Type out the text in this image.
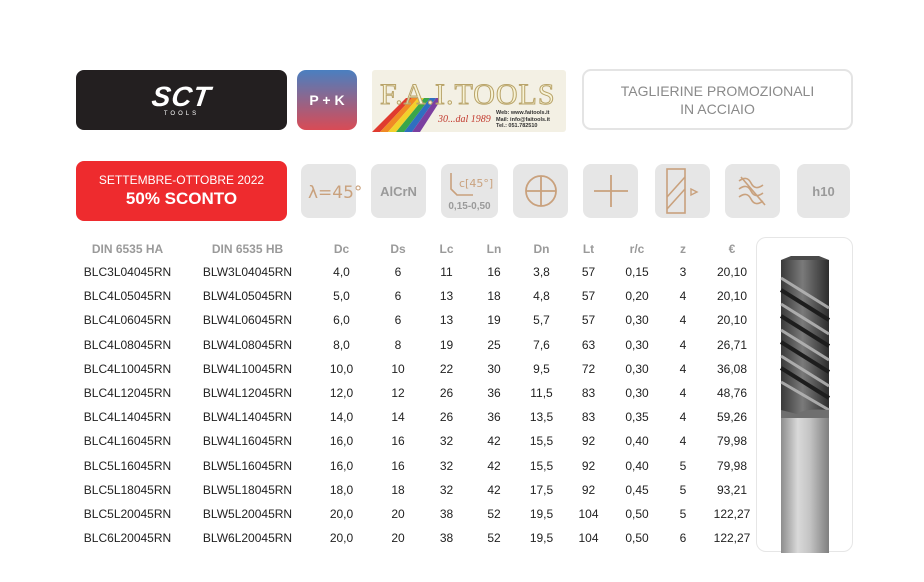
SCT
TOOLS
P + K	F.A.I.TOOLS
30...dal 1989
Web: www.faitools.it
Mail: info@faitools.it
Tel.: 051.782510
TAGLIERINE PROMOZIONALI
IN ACCIAIO
SETTEMBRE-OTTOBRE 2022
50% SCONTO	λ=45° AlCrN
c[45°]
0,15-0,50
h10
DIN 6535 HA	DIN 6535 HB	Dc	Ds	Lc	Ln	Dn	Lt	r/c	z	€
BLC3L04045RN	BLW3L04045RN	4,0	6	11	16	3,8	57	0,15	3	20,10
BLC4L05045RN	BLW4L05045RN	5,0	6	13	18	4,8	57	0,20	4	20,10
BLC4L06045RN	BLW4L06045RN	6,0	6	13	19	5,7	57	0,30	4	20,10
BLC4L08045RN	BLW4L08045RN	8,0	8	19	25	7,6	63	0,30	4	26,71
BLC4L10045RN	BLW4L10045RN	10,0	10	22	30	9,5	72	0,30	4	36,08
BLC4L12045RN	BLW4L12045RN	12,0	12	26	36	11,5	83	0,30	4	48,76
BLC4L14045RN	BLW4L14045RN	14,0	14	26	36	13,5	83	0,35	4	59,26
BLC4L16045RN	BLW4L16045RN	16,0	16	32	42	15,5	92	0,40	4	79,98
BLC5L16045RN	BLW5L16045RN	16,0	16	32	42	15,5	92	0,40	5	79,98
BLC5L18045RN	BLW5L18045RN	18,0	18	32	42	17,5	92	0,45	5	93,21
BLC5L20045RN	BLW5L20045RN	20,0	20	38	52	19,5	104	0,50	5	122,27
BLC6L20045RN	BLW6L20045RN	20,0	20	38	52	19,5	104	0,50	6	122,27
